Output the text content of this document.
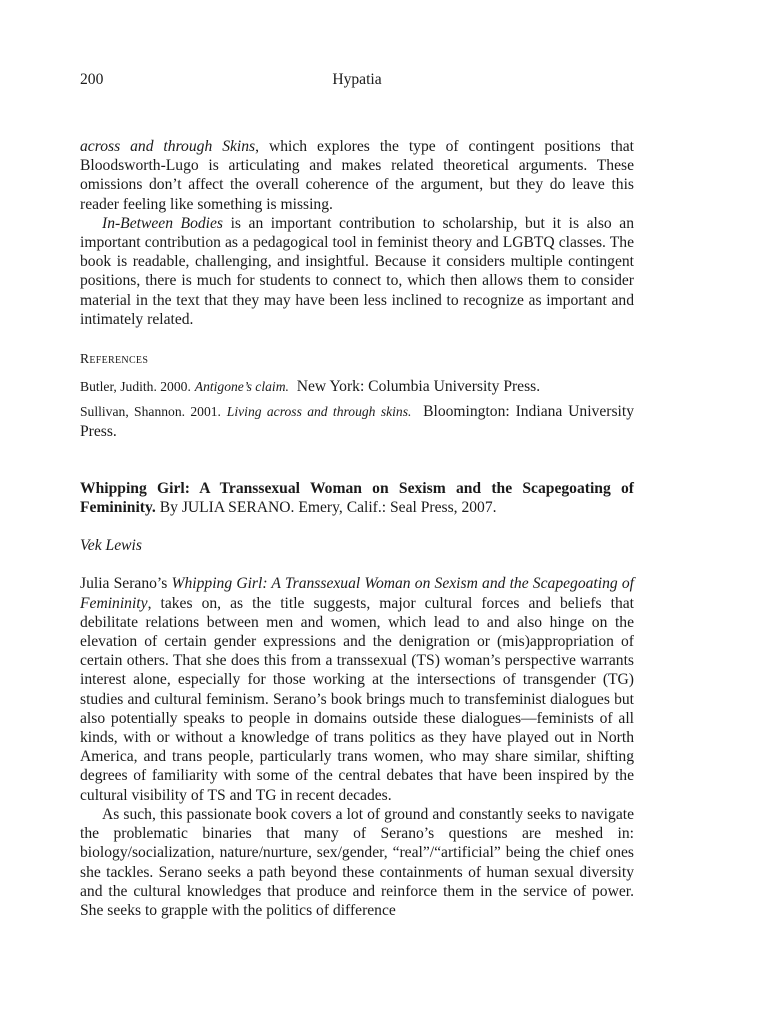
200	Hypatia

across and through Skins, which explores the type of contingent positions that Bloodsworth-Lugo is articulating and makes related theoretical arguments. These omissions don’t affect the overall coherence of the argument, but they do leave this reader feeling like something is missing.

In-Between Bodies is an important contribution to scholarship, but it is also an important contribution as a pedagogical tool in feminist theory and LGBTQ classes. The book is readable, challenging, and insightful. Because it considers multiple contingent positions, there is much for students to connect to, which then allows them to consider material in the text that they may have been less inclined to recognize as important and intimately related.

References

Butler, Judith. 2000. Antigone’s claim. New York: Columbia University Press.

Sullivan, Shannon. 2001. Living across and through skins. Bloomington: Indiana University Press.

Whipping Girl: A Transsexual Woman on Sexism and the Scapegoating of Femininity. By JULIA SERANO. Emery, Calif.: Seal Press, 2007.

Vek Lewis

Julia Serano’s Whipping Girl: A Transsexual Woman on Sexism and the Scapegoating of Femininity, takes on, as the title suggests, major cultural forces and beliefs that debilitate relations between men and women, which lead to and also hinge on the elevation of certain gender expressions and the denigration or (mis)appropriation of certain others. That she does this from a transsexual (TS) woman’s perspective warrants interest alone, especially for those working at the intersections of transgender (TG) studies and cultural feminism. Serano’s book brings much to transfeminist dialogues but also potentially speaks to people in domains outside these dialogues—feminists of all kinds, with or without a knowledge of trans politics as they have played out in North America, and trans people, particularly trans women, who may share similar, shifting degrees of familiarity with some of the central debates that have been inspired by the cultural visibility of TS and TG in recent decades.

As such, this passionate book covers a lot of ground and constantly seeks to navigate the problematic binaries that many of Serano’s questions are meshed in: biology/socialization, nature/nurture, sex/gender, “real”/“artificial” being the chief ones she tackles. Serano seeks a path beyond these containments of human sexual diversity and the cultural knowledges that produce and reinforce them in the service of power. She seeks to grapple with the politics of difference
